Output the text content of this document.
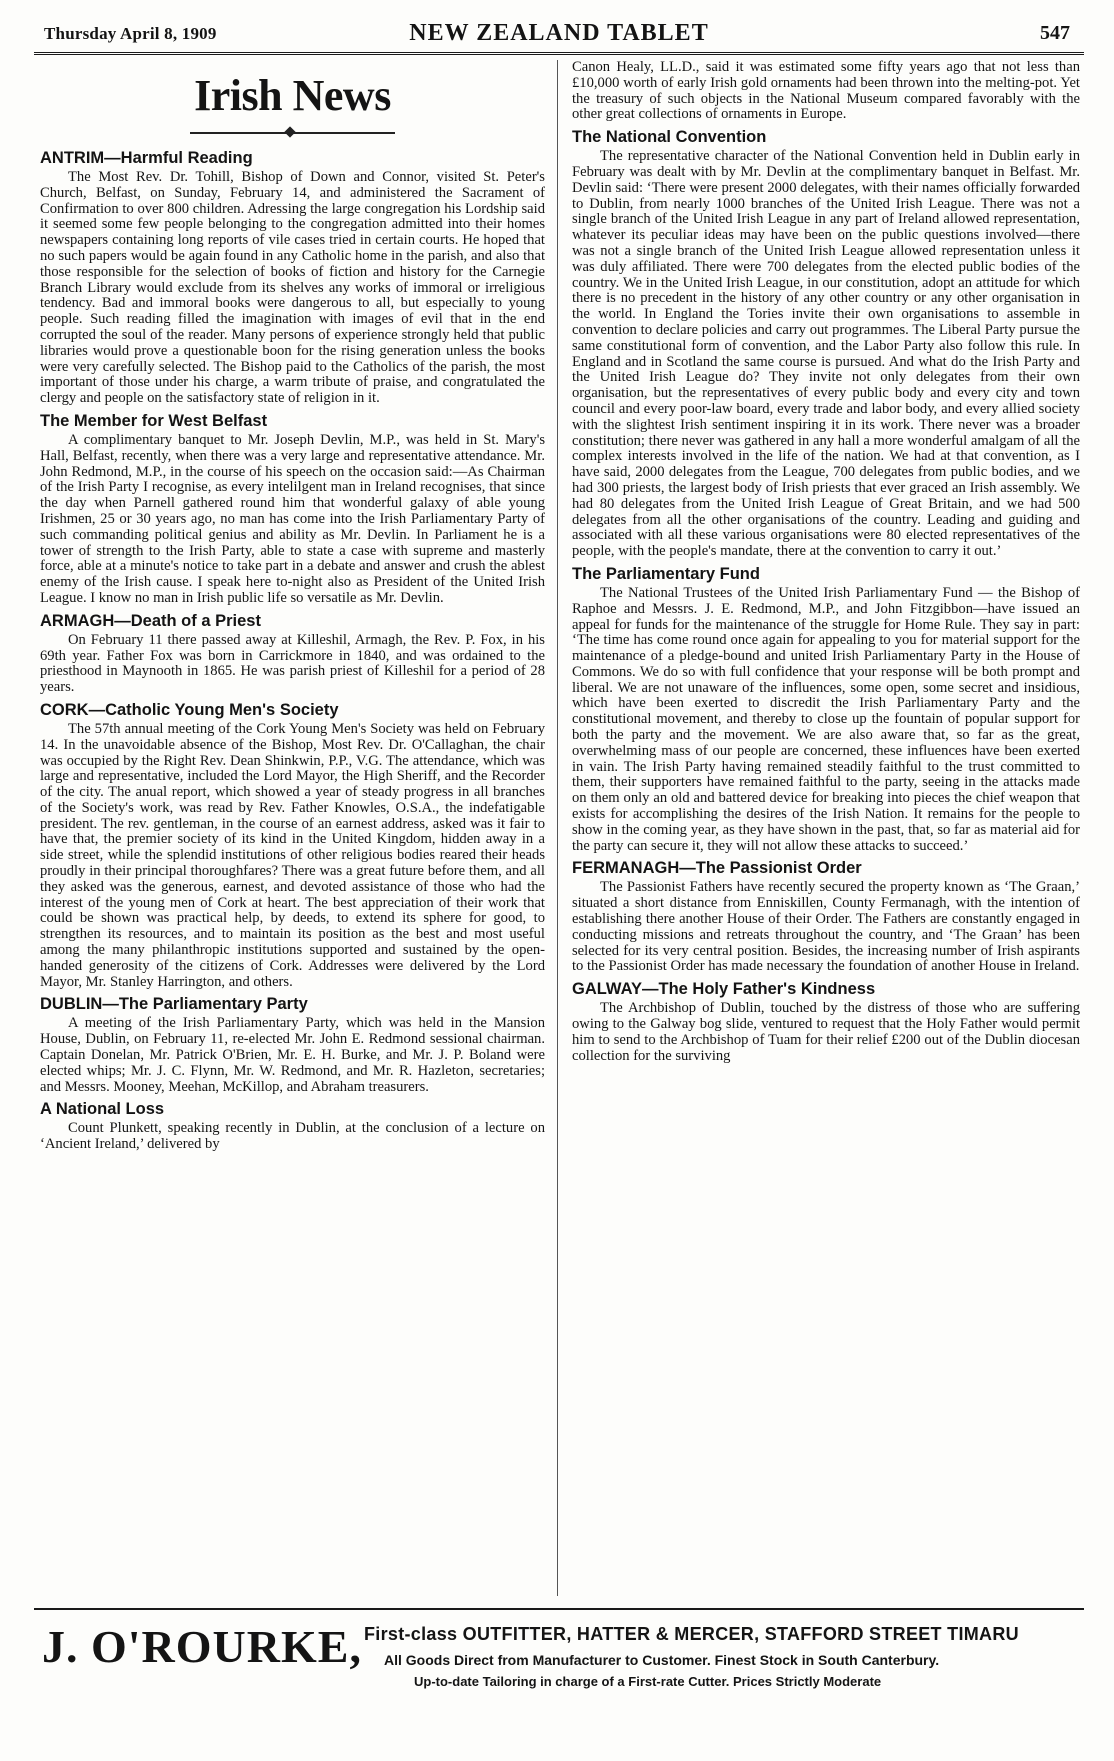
Thursday April 8, 1909	NEW ZEALAND TABLET	547
Irish News
ANTRIM—Harmful Reading

The Most Rev. Dr. Tohill, Bishop of Down and Connor, visited St. Peter's Church, Belfast, on Sunday, February 14, and administered the Sacrament of Confirmation to over 800 children. Adressing the large congregation his Lordship said it seemed some few people belonging to the congregation admitted into their homes newspapers containing long reports of vile cases tried in certain courts. He hoped that no such papers would be again found in any Catholic home in the parish, and also that those responsible for the selection of books of fiction and history for the Carnegie Branch Library would exclude from its shelves any works of immoral or irreligious tendency. Bad and immoral books were dangerous to all, but especially to young people. Such reading filled the imagination with images of evil that in the end corrupted the soul of the reader. Many persons of experience strongly held that public libraries would prove a questionable boon for the rising generation unless the books were very carefully selected. The Bishop paid to the Catholics of the parish, the most important of those under his charge, a warm tribute of praise, and congratulated the clergy and people on the satisfactory state of religion in it.

The Member for West Belfast

A complimentary banquet to Mr. Joseph Devlin, M.P., was held in St. Mary's Hall, Belfast, recently, when there was a very large and representative attendance. Mr. John Redmond, M.P., in the course of his speech on the occasion said:—As Chairman of the Irish Party I recognise, as every intelilgent man in Ireland recognises, that since the day when Parnell gathered round him that wonderful galaxy of able young Irishmen, 25 or 30 years ago, no man has come into the Irish Parliamentary Party of such commanding political genius and ability as Mr. Devlin. In Parliament he is a tower of strength to the Irish Party, able to state a case with supreme and masterly force, able at a minute's notice to take part in a debate and answer and crush the ablest enemy of the Irish cause. I speak here to-night also as President of the United Irish League. I know no man in Irish public life so versatile as Mr. Devlin.

ARMAGH—Death of a Priest

On February 11 there passed away at Killeshil, Armagh, the Rev. P. Fox, in his 69th year. Father Fox was born in Carrickmore in 1840, and was ordained to the priesthood in Maynooth in 1865. He was parish priest of Killeshil for a period of 28 years.

CORK—Catholic Young Men's Society

The 57th annual meeting of the Cork Young Men's Society was held on February 14. In the unavoidable absence of the Bishop, Most Rev. Dr. O'Callaghan, the chair was occupied by the Right Rev. Dean Shinkwin, P.P., V.G. The attendance, which was large and representative, included the Lord Mayor, the High Sheriff, and the Recorder of the city. The anual report, which showed a year of steady progress in all branches of the Society's work, was read by Rev. Father Knowles, O.S.A., the indefatigable president. The rev. gentleman, in the course of an earnest address, asked was it fair to have that, the premier society of its kind in the United Kingdom, hidden away in a side street, while the splendid institutions of other religious bodies reared their heads proudly in their principal thoroughfares? There was a great future before them, and all they asked was the generous, earnest, and devoted assistance of those who had the interest of the young men of Cork at heart. The best appreciation of their work that could be shown was practical help, by deeds, to extend its sphere for good, to strengthen its resources, and to maintain its position as the best and most useful among the many philanthropic institutions supported and sustained by the open-handed generosity of the citizens of Cork. Addresses were delivered by the Lord Mayor, Mr. Stanley Harrington, and others.

DUBLIN—The Parliamentary Party

A meeting of the Irish Parliamentary Party, which was held in the Mansion House, Dublin, on February 11, re-elected Mr. John E. Redmond sessional chairman. Captain Donelan, Mr. Patrick O'Brien, Mr. E. H. Burke, and Mr. J. P. Boland were elected whips; Mr. J. C. Flynn, Mr. W. Redmond, and Mr. R. Hazleton, secretaries; and Messrs. Mooney, Meehan, McKillop, and Abraham treasurers.

A National Loss

Count Plunkett, speaking recently in Dublin, at the conclusion of a lecture on ‘Ancient Ireland,’ delivered by

Canon Healy, LL.D., said it was estimated some fifty years ago that not less than £10,000 worth of early Irish gold ornaments had been thrown into the melting-pot. Yet the treasury of such objects in the National Museum compared favorably with the other great collections of ornaments in Europe.

The National Convention

The representative character of the National Convention held in Dublin early in February was dealt with by Mr. Devlin at the complimentary banquet in Belfast. Mr. Devlin said: ‘There were present 2000 delegates, with their names officially forwarded to Dublin, from nearly 1000 branches of the United Irish League. There was not a single branch of the United Irish League in any part of Ireland allowed representation, whatever its peculiar ideas may have been on the public questions involved—there was not a single branch of the United Irish League allowed representation unless it was duly affiliated. There were 700 delegates from the elected public bodies of the country. We in the United Irish League, in our constitution, adopt an attitude for which there is no precedent in the history of any other country or any other organisation in the world. In England the Tories invite their own organisations to assemble in convention to declare policies and carry out programmes. The Liberal Party pursue the same constitutional form of convention, and the Labor Party also follow this rule. In England and in Scotland the same course is pursued. And what do the Irish Party and the United Irish League do? They invite not only delegates from their own organisation, but the representatives of every public body and every city and town council and every poor-law board, every trade and labor body, and every allied society with the slightest Irish sentiment inspiring it in its work. There never was a broader constitution; there never was gathered in any hall a more wonderful amalgam of all the complex interests involved in the life of the nation. We had at that convention, as I have said, 2000 delegates from the League, 700 delegates from public bodies, and we had 300 priests, the largest body of Irish priests that ever graced an Irish assembly. We had 80 delegates from the United Irish League of Great Britain, and we had 500 delegates from all the other organisations of the country. Leading and guiding and associated with all these various organisations were 80 elected representatives of the people, with the people's mandate, there at the convention to carry it out.’

The Parliamentary Fund

The National Trustees of the United Irish Parliamentary Fund — the Bishop of Raphoe and Messrs. J. E. Redmond, M.P., and John Fitzgibbon—have issued an appeal for funds for the maintenance of the struggle for Home Rule. They say in part: ‘The time has come round once again for appealing to you for material support for the maintenance of a pledge-bound and united Irish Parliamentary Party in the House of Commons. We do so with full confidence that your response will be both prompt and liberal. We are not unaware of the influences, some open, some secret and insidious, which have been exerted to discredit the Irish Parliamentary Party and the constitutional movement, and thereby to close up the fountain of popular support for both the party and the movement. We are also aware that, so far as the great, overwhelming mass of our people are concerned, these influences have been exerted in vain. The Irish Party having remained steadily faithful to the trust committed to them, their supporters have remained faithful to the party, seeing in the attacks made on them only an old and battered device for breaking into pieces the chief weapon that exists for accomplishing the desires of the Irish Nation. It remains for the people to show in the coming year, as they have shown in the past, that, so far as material aid for the party can secure it, they will not allow these attacks to succeed.’

FERMANAGH—The Passionist Order

The Passionist Fathers have recently secured the property known as ‘The Graan,’ situated a short distance from Enniskillen, County Fermanagh, with the intention of establishing there another House of their Order. The Fathers are constantly engaged in conducting missions and retreats throughout the country, and ‘The Graan’ has been selected for its very central position. Besides, the increasing number of Irish aspirants to the Passionist Order has made necessary the foundation of another House in Ireland.

GALWAY—The Holy Father's Kindness

The Archbishop of Dublin, touched by the distress of those who are suffering owing to the Galway bog slide, ventured to request that the Holy Father would permit him to send to the Archbishop of Tuam for their relief £200 out of the Dublin diocesan collection for the surviving

J. O'ROURKE, First-class OUTFITTER, HATTER & MERCER, STAFFORD STREET TIMARU
All Goods Direct from Manufacturer to Customer. Finest Stock in South Canterbury.
Up-to-date Tailoring in charge of a First-rate Cutter. Prices Strictly Moderate
